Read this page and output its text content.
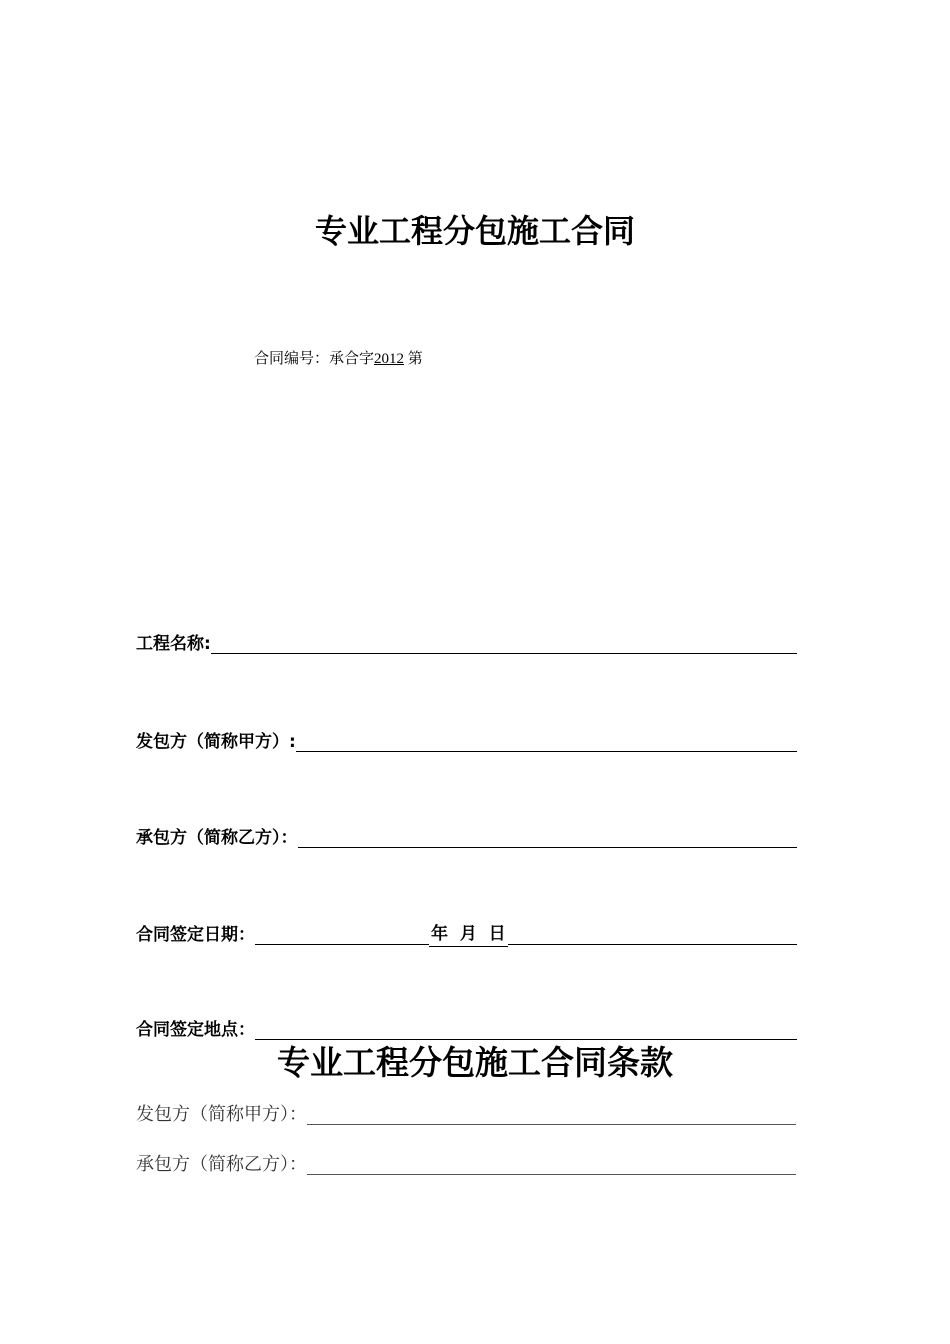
专业工程分包施工合同
合同编号：承合字2012 第
工程名称:
发包方（简称甲方）:
承包方（简称乙方）：
合同签定日期：	年  月  日
合同签定地点：
专业工程分包施工合同条款
发包方（简称甲方）：
承包方（简称乙方）：
